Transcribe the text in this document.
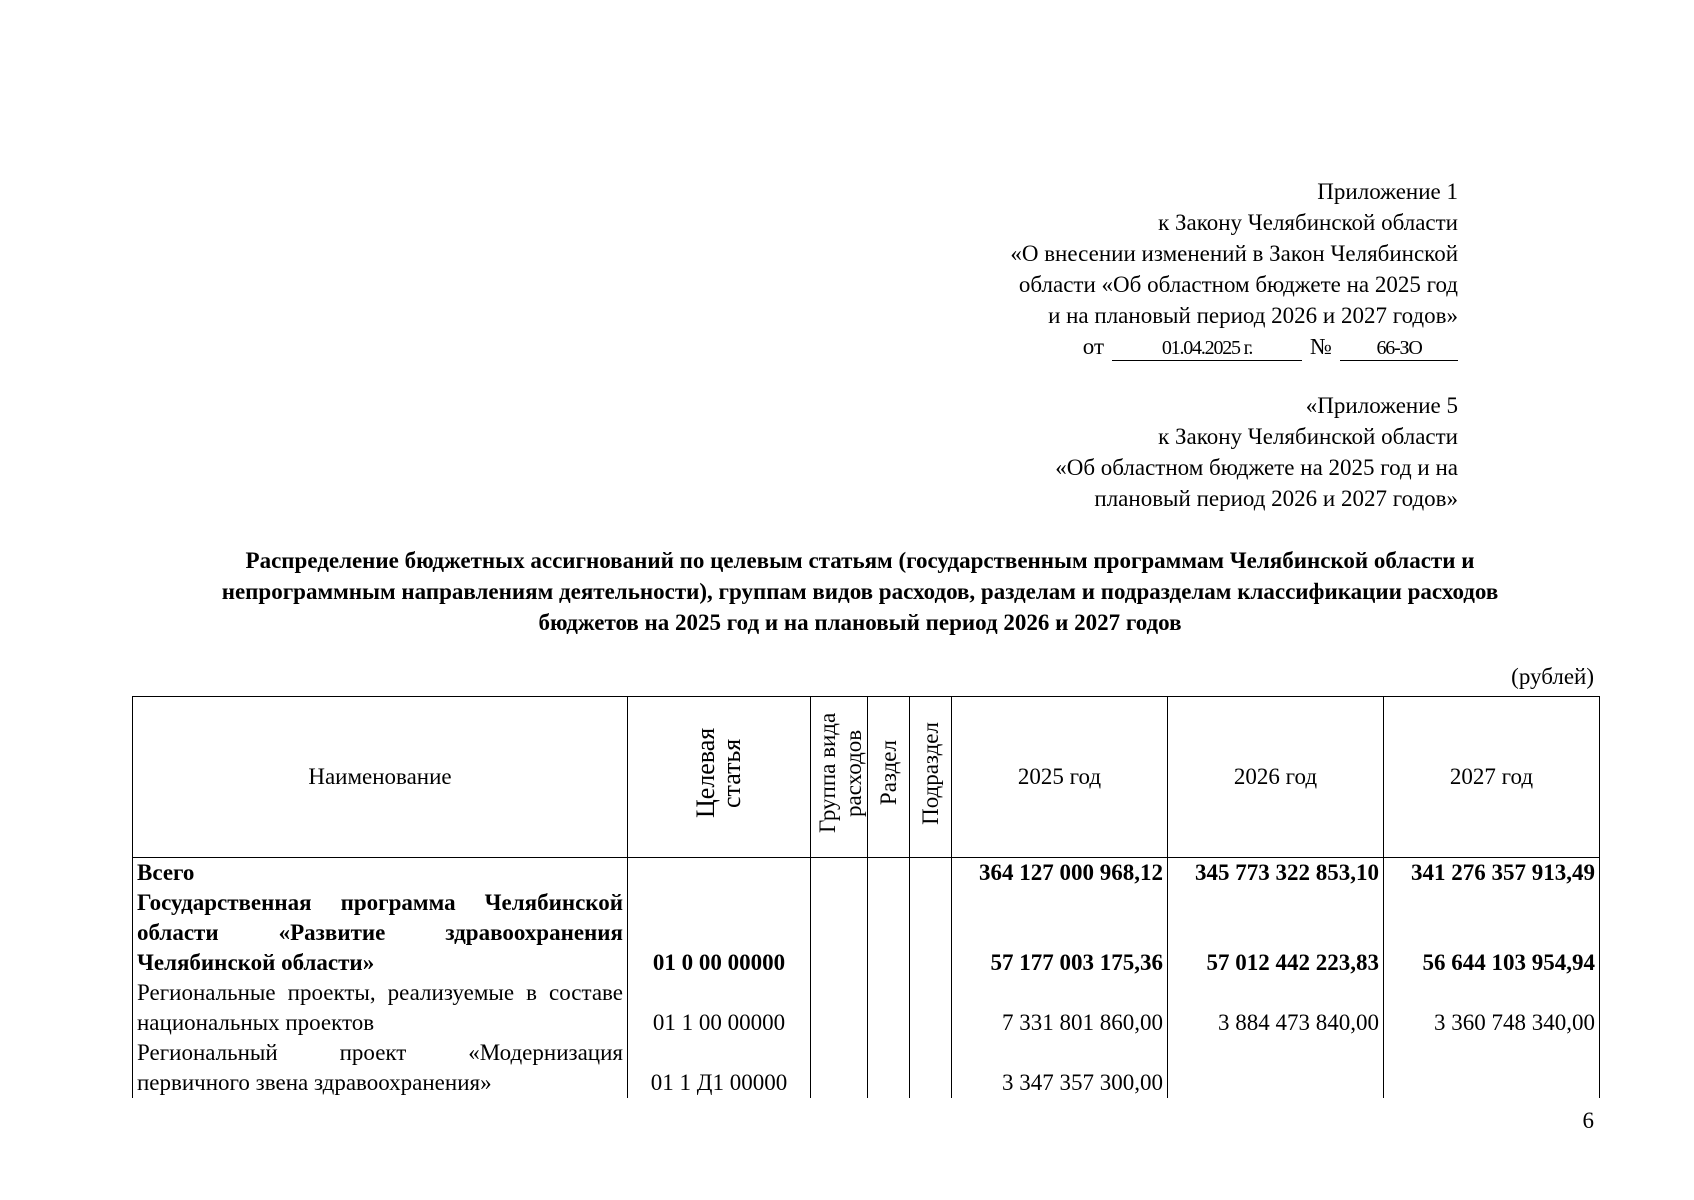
Приложение 1
к Закону Челябинской области
«О внесении изменений в Закон Челябинской
области «Об областном бюджете на 2025 год
и на плановый период 2026 и 2027 годов»
от	01.04.2025 г.	№	66-ЗО
«Приложение 5
к Закону Челябинской области
«Об областном бюджете на 2025 год и на
плановый период 2026 и 2027 годов»
Распределение бюджетных ассигнований по целевым статьям (государственным программам Челябинской области и
непрограммным направлениям деятельности), группам видов расходов, разделам и подразделам классификации расходов
бюджетов на 2025 год и на плановый период 2026 и 2027 годов
(рублей)
Наименование	Целевая статья	Группа вида расходов	Раздел	Подраздел	2025 год	2026 год	2027 год
Всего					364 127 000 968,12	345 773 322 853,10	341 276 357 913,49
Государственная программа Челябинской области «Развитие здравоохранения Челябинской области»	01 0 00 00000				57 177 003 175,36	57 012 442 223,83	56 644 103 954,94
Региональные проекты, реализуемые в составе национальных проектов	01 1 00 00000				7 331 801 860,00	3 884 473 840,00	3 360 748 340,00
Региональный проект «Модернизация первичного звена здравоохранения»	01 1 Д1 00000				3 347 357 300,00		
6
